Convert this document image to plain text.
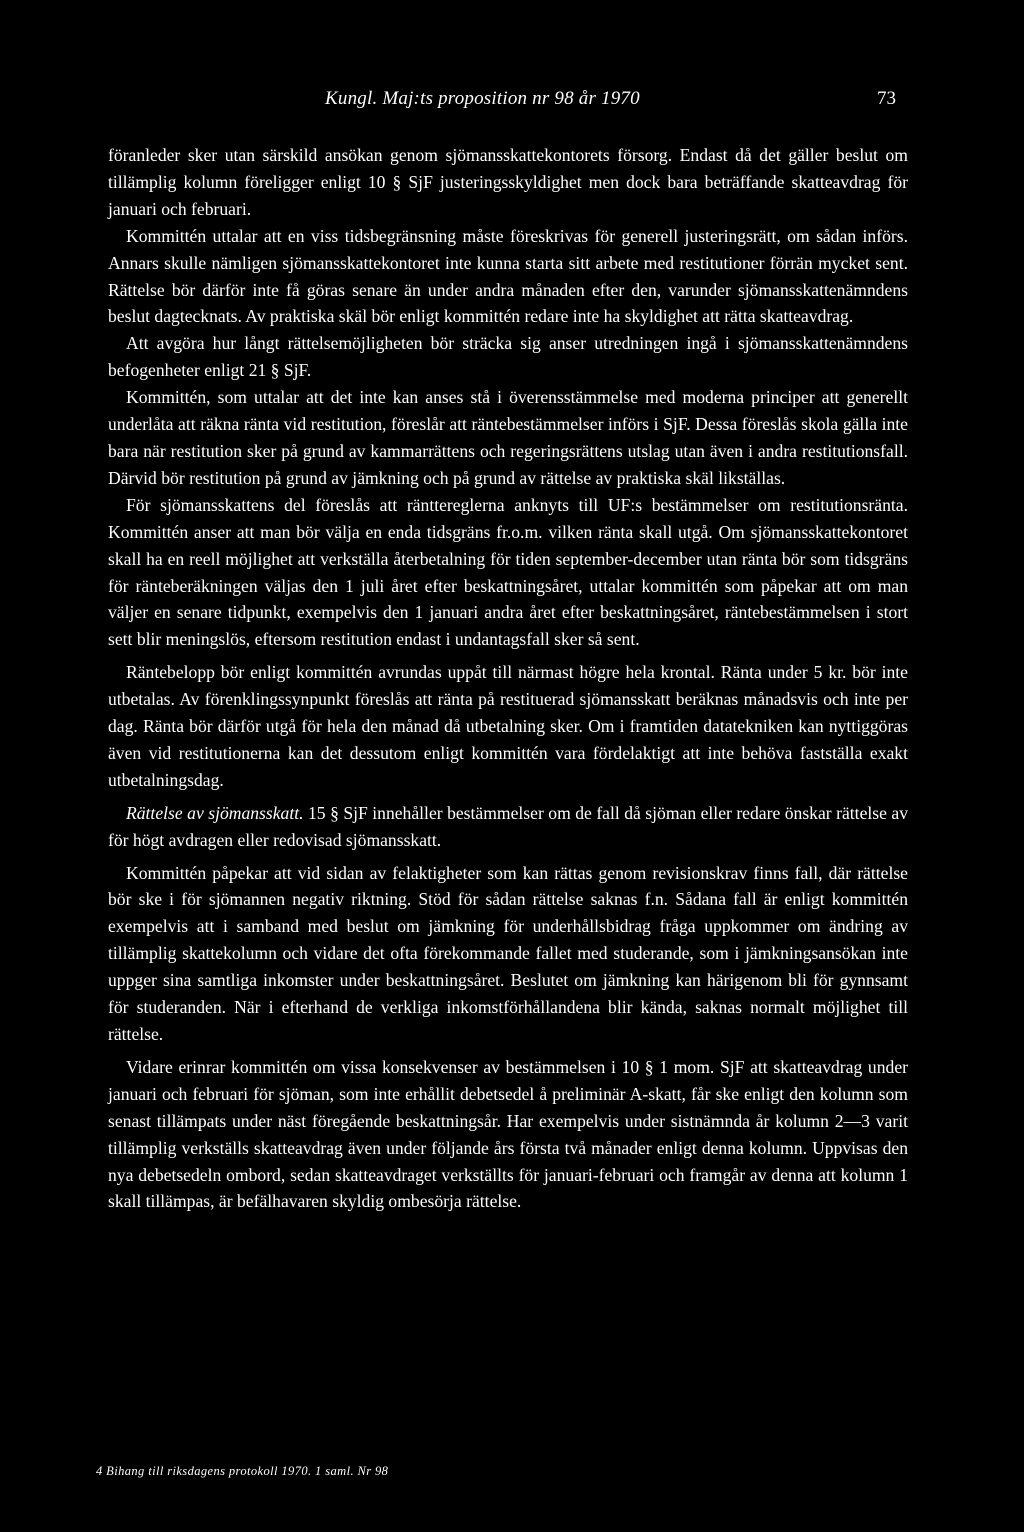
Kungl. Maj:ts proposition nr 98 år 1970	73

föranleder sker utan särskild ansökan genom sjömansskattekontorets försorg. Endast då det gäller beslut om tillämplig kolumn föreligger enligt 10 § SjF justeringsskyldighet men dock bara beträffande skatteavdrag för januari och februari.

Kommittén uttalar att en viss tidsbegränsning måste föreskrivas för generell justeringsrätt, om sådan införs. Annars skulle nämligen sjömansskattekontoret inte kunna starta sitt arbete med restitutioner förrän mycket sent. Rättelse bör därför inte få göras senare än under andra månaden efter den, varunder sjömansskattenämndens beslut dagtecknats. Av praktiska skäl bör enligt kommittén redare inte ha skyldighet att rätta skatteavdrag.

Att avgöra hur långt rättelsemöjligheten bör sträcka sig anser utredningen ingå i sjömansskattenämndens befogenheter enligt 21 § SjF.

Kommittén, som uttalar att det inte kan anses stå i överensstämmelse med moderna principer att generellt underlåta att räkna ränta vid restitution, föreslår att räntebestämmelser införs i SjF. Dessa föreslås skola gälla inte bara när restitution sker på grund av kammarrättens och regeringsrättens utslag utan även i andra restitutionsfall. Därvid bör restitution på grund av jämkning och på grund av rättelse av praktiska skäl likställas.

För sjömansskattens del föreslås att ränttereglerna anknyts till UF:s bestämmelser om restitutionsränta. Kommittén anser att man bör välja en enda tidsgräns fr.o.m. vilken ränta skall utgå. Om sjömansskattekontoret skall ha en reell möjlighet att verkställa återbetalning för tiden september-december utan ränta bör som tidsgräns för ränteberäkningen väljas den 1 juli året efter beskattningsåret, uttalar kommittén som påpekar att om man väljer en senare tidpunkt, exempelvis den 1 januari andra året efter beskattningsåret, räntebestämmelsen i stort sett blir meningslös, eftersom restitution endast i undantagsfall sker så sent.

Räntebelopp bör enligt kommittén avrundas uppåt till närmast högre hela krontal. Ränta under 5 kr. bör inte utbetalas. Av förenklingssynpunkt föreslås att ränta på restituerad sjömansskatt beräknas månadsvis och inte per dag. Ränta bör därför utgå för hela den månad då utbetalning sker. Om i framtiden datatekniken kan nyttiggöras även vid restitutionerna kan det dessutom enligt kommittén vara fördelaktigt att inte behöva fastställa exakt utbetalningsdag.

Rättelse av sjömansskatt. 15 § SjF innehåller bestämmelser om de fall då sjöman eller redare önskar rättelse av för högt avdragen eller redovisad sjömansskatt.

Kommittén påpekar att vid sidan av felaktigheter som kan rättas genom revisionskrav finns fall, där rättelse bör ske i för sjömannen negativ riktning. Stöd för sådan rättelse saknas f.n. Sådana fall är enligt kommittén exempelvis att i samband med beslut om jämkning för underhållsbidrag fråga uppkommer om ändring av tillämplig skattekolumn och vidare det ofta förekommande fallet med studerande, som i jämkningsansökan inte uppger sina samtliga inkomster under beskattningsåret. Beslutet om jämkning kan härigenom bli för gynnsamt för studeranden. När i efterhand de verkliga inkomstförhållandena blir kända, saknas normalt möjlighet till rättelse.

Vidare erinrar kommittén om vissa konsekvenser av bestämmelsen i 10 § 1 mom. SjF att skatteavdrag under januari och februari för sjöman, som inte erhållit debetsedel å preliminär A-skatt, får ske enligt den kolumn som senast tillämpats under näst föregående beskattningsår. Har exempelvis under sistnämnda år kolumn 2—3 varit tillämplig verkställs skatteavdrag även under följande års första två månader enligt denna kolumn. Uppvisas den nya debetsedeln ombord, sedan skatteavdraget verkställts för januari-februari och framgår av denna att kolumn 1 skall tillämpas, är befälhavaren skyldig ombesörja rättelse.

4 Bihang till riksdagens protokoll 1970. 1 saml. Nr 98
